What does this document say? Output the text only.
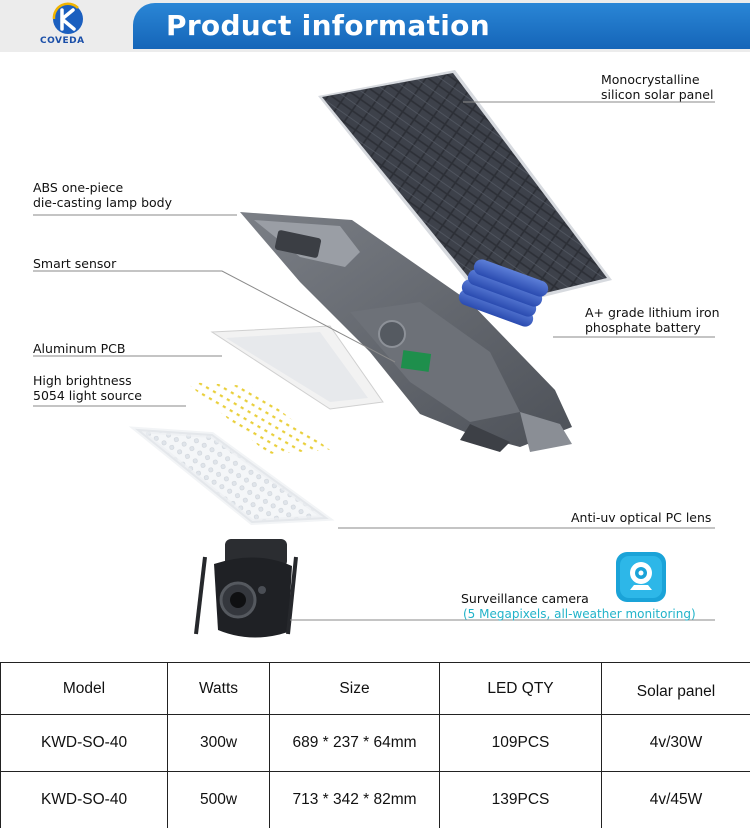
COVEDA	Product information
Monocrystalline
silicon solar panel
ABS one-piece
die-casting lamp body
Smart sensor
A+ grade lithium iron
phosphate battery
Aluminum PCB
High brightness
5054 light source
Anti-uv optical PC lens
Surveillance camera
(5 Megapixels, all-weather monitoring)
Model	Watts	Size	LED QTY	Solar panel
KWD-SO-40	300w	689 * 237 * 64mm	109PCS	4v/30W
KWD-SO-40	500w	713 * 342 * 82mm	139PCS	4v/45W
